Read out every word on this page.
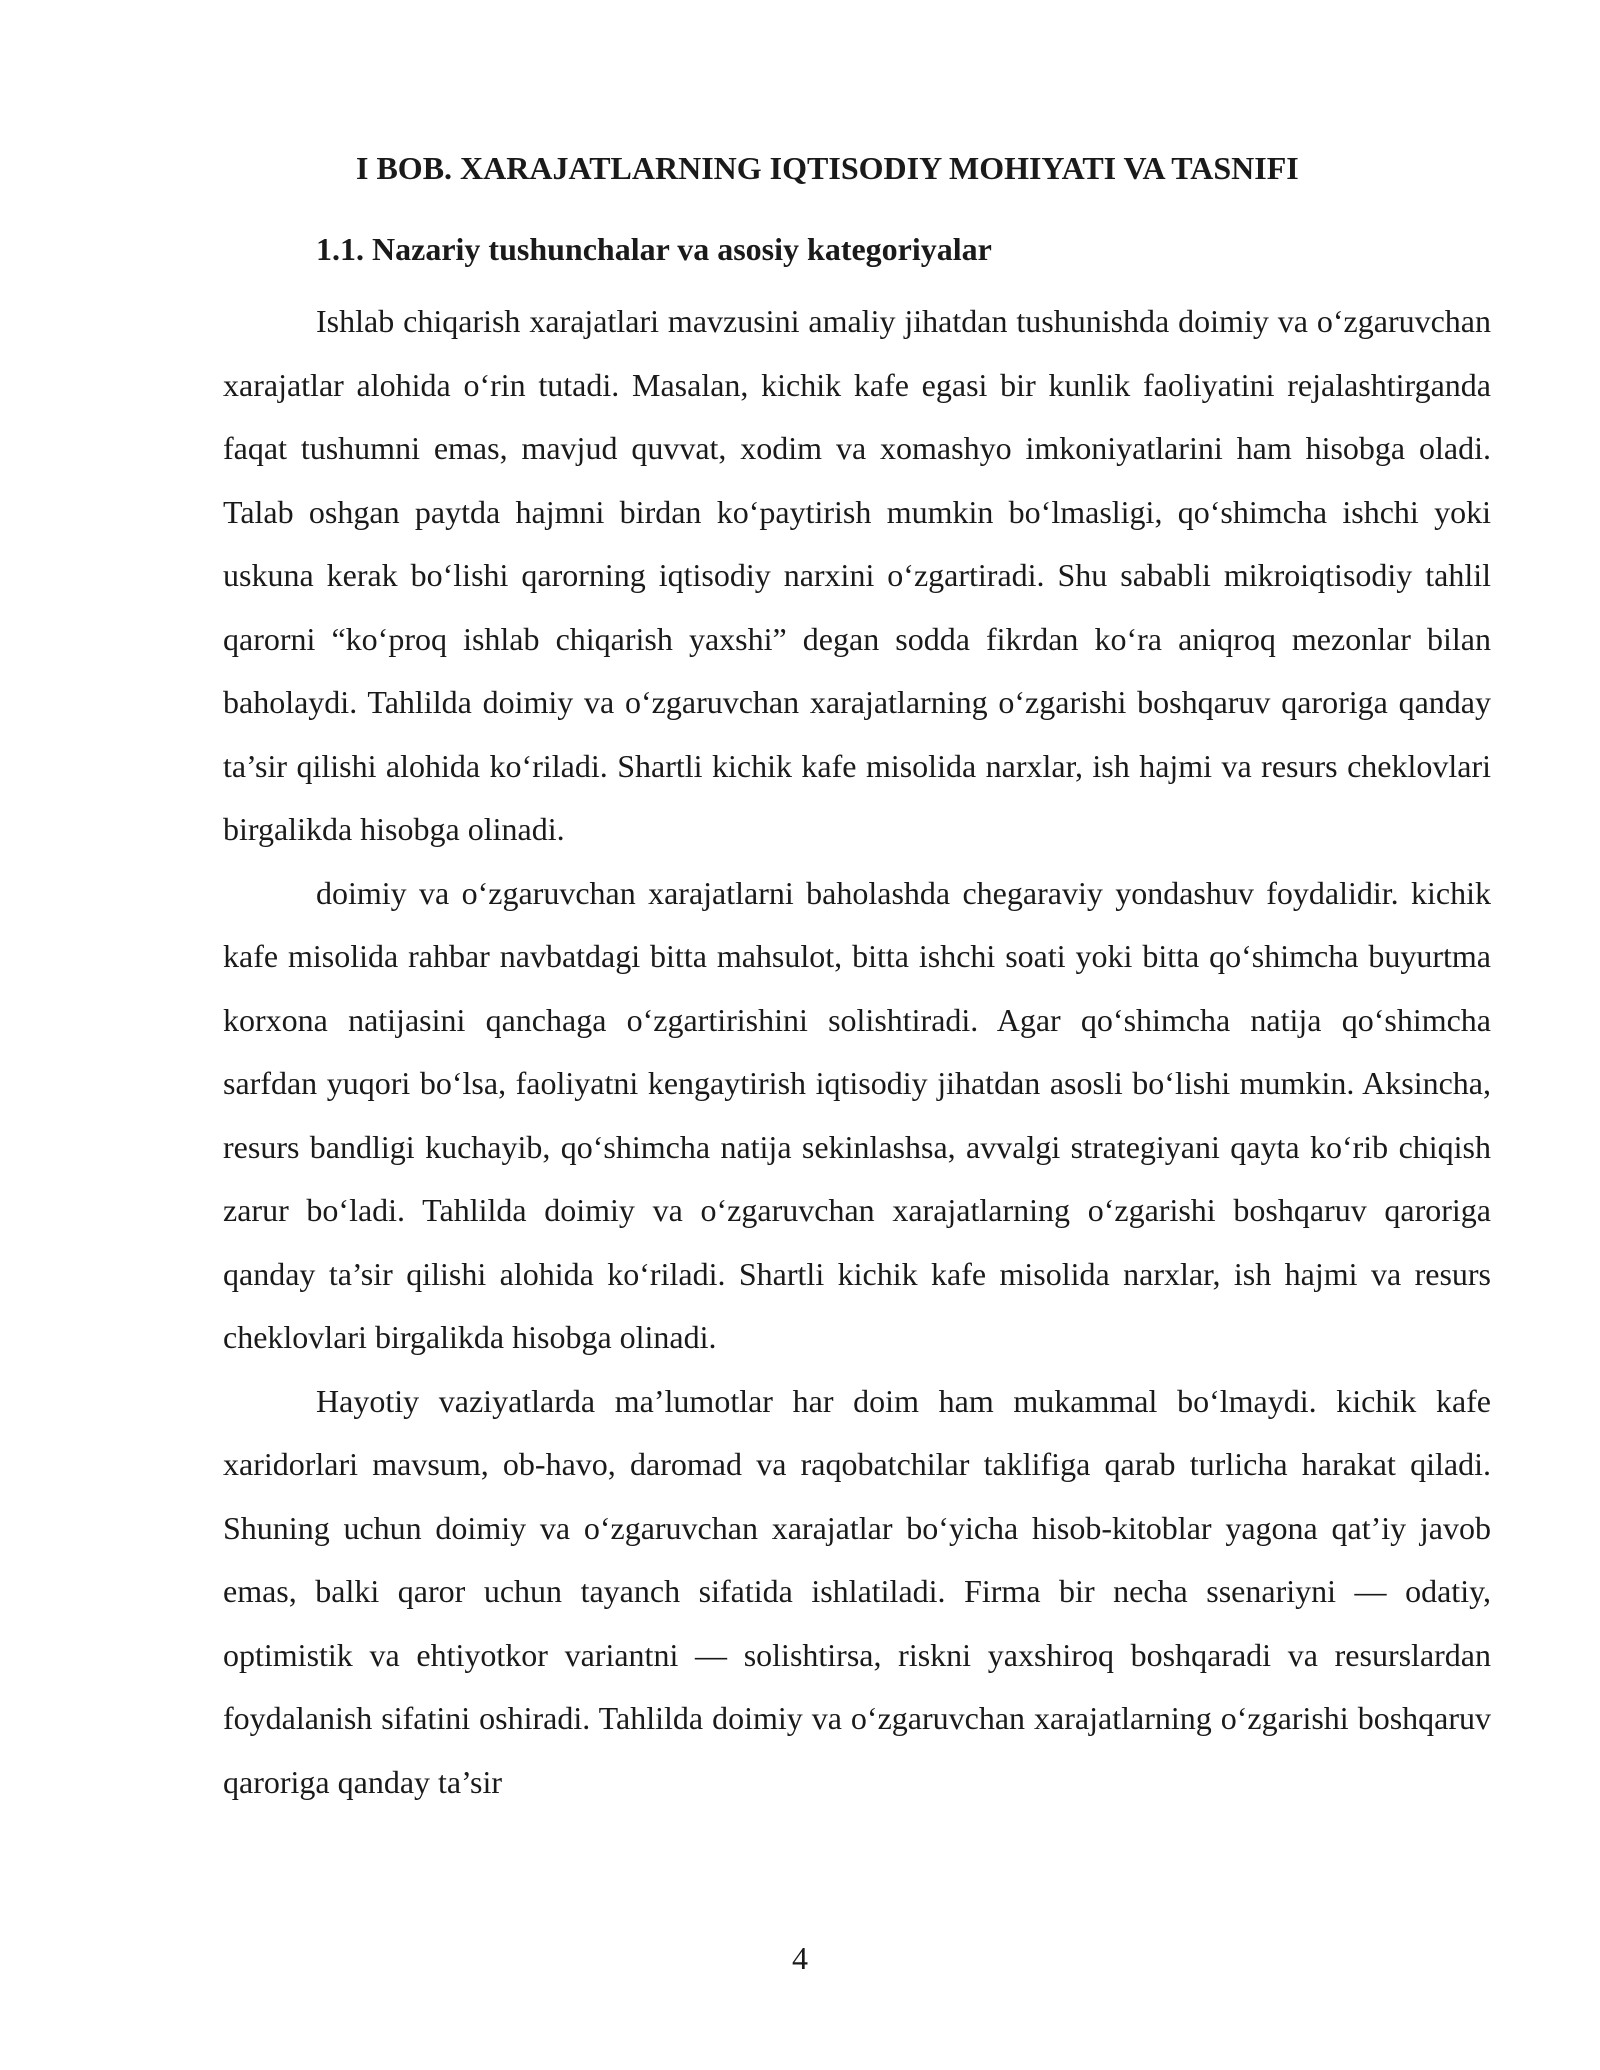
I BOB. XARAJATLARNING IQTISODIY MOHIYATI VA TASNIFI
1.1. Nazariy tushunchalar va asosiy kategoriyalar

Ishlab chiqarish xarajatlari mavzusini amaliy jihatdan tushunishda doimiy va oʻzgaruvchan xarajatlar alohida oʻrin tutadi. Masalan, kichik kafe egasi bir kunlik faoliyatini rejalashtirganda faqat tushumni emas, mavjud quvvat, xodim va xomashyo imkoniyatlarini ham hisobga oladi. Talab oshgan paytda hajmni birdan koʻpaytirish mumkin boʻlmasligi, qoʻshimcha ishchi yoki uskuna kerak boʻlishi qarorning iqtisodiy narxini oʻzgartiradi. Shu sababli mikroiqtisodiy tahlil qarorni “koʻproq ishlab chiqarish yaxshi” degan sodda fikrdan koʻra aniqroq mezonlar bilan baholaydi. Tahlilda doimiy va oʻzgaruvchan xarajatlarning oʻzgarishi boshqaruv qaroriga qanday ta’sir qilishi alohida koʻriladi. Shartli kichik kafe misolida narxlar, ish hajmi va resurs cheklovlari birgalikda hisobga olinadi.

doimiy va oʻzgaruvchan xarajatlarni baholashda chegaraviy yondashuv foydalidir. kichik kafe misolida rahbar navbatdagi bitta mahsulot, bitta ishchi soati yoki bitta qoʻshimcha buyurtma korxona natijasini qanchaga oʻzgartirishini solishtiradi. Agar qoʻshimcha natija qoʻshimcha sarfdan yuqori boʻlsa, faoliyatni kengaytirish iqtisodiy jihatdan asosli boʻlishi mumkin. Aksincha, resurs bandligi kuchayib, qoʻshimcha natija sekinlashsa, avvalgi strategiyani qayta koʻrib chiqish zarur boʻladi. Tahlilda doimiy va oʻzgaruvchan xarajatlarning oʻzgarishi boshqaruv qaroriga qanday ta’sir qilishi alohida koʻriladi. Shartli kichik kafe misolida narxlar, ish hajmi va resurs cheklovlari birgalikda hisobga olinadi.

Hayotiy vaziyatlarda ma’lumotlar har doim ham mukammal boʻlmaydi. kichik kafe xaridorlari mavsum, ob-havo, daromad va raqobatchilar taklifiga qarab turlicha harakat qiladi. Shuning uchun doimiy va oʻzgaruvchan xarajatlar boʻyicha hisob-kitoblar yagona qat’iy javob emas, balki qaror uchun tayanch sifatida ishlatiladi. Firma bir necha ssenariyni — odatiy, optimistik va ehtiyotkor variantni — solishtirsa, riskni yaxshiroq boshqaradi va resurslardan foydalanish sifatini oshiradi. Tahlilda doimiy va oʻzgaruvchan xarajatlarning oʻzgarishi boshqaruv qaroriga qanday ta’sir

4
